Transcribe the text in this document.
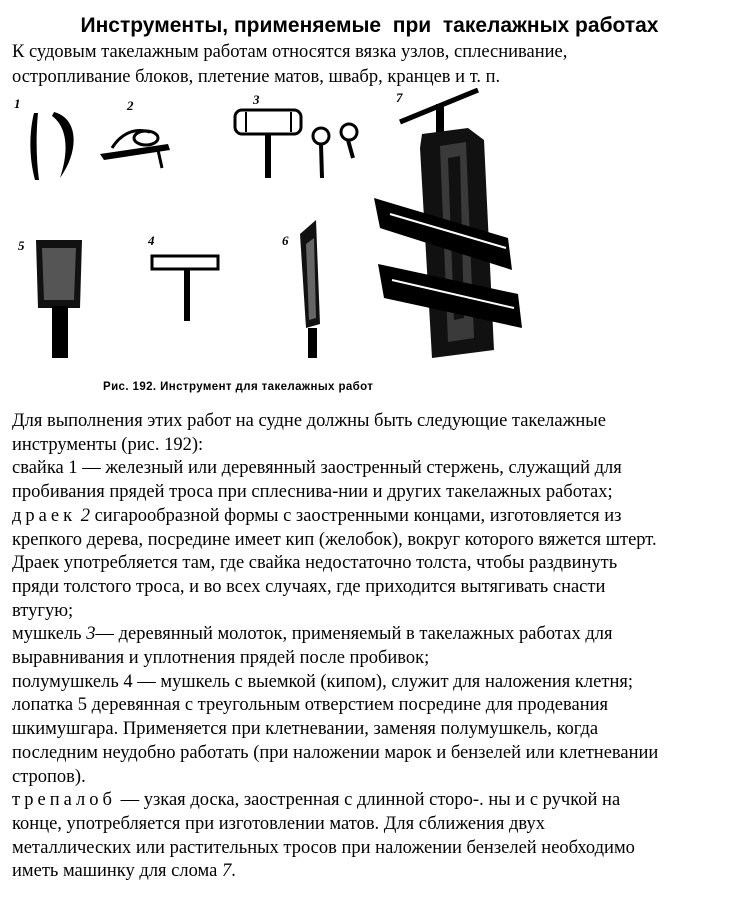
Инструменты, применяемые  при  такелажных работах
К судовым такелажным работам относятся вязка узлов, сплеснивание,
остропливание блоков, плетение матов, швабр, кранцев и т. п.
1	2	3	7
5	4	6
Рис. 192. Инструмент для такелажных работ
Для выполнения этих работ на судне должны быть следующие такелажные
инструменты (рис. 192):
свайка 1 — железный или деревянный заостренный стержень, служащий для
пробивания прядей троса при сплеснива-нии и других такелажных работах;
драек 2 сигарообразной формы с заостренными концами, изготовляется из
крепкого дерева, посредине имеет кип (желобок), вокруг которого вяжется штерт.
Драек употребляется там, где свайка недостаточно толста, чтобы раздвинуть
пряди толстого троса, и во всех случаях, где приходится вытягивать снасти
втугую;
мушкель 3— деревянный молоток, применяемый в такелажных работах для
выравнивания и уплотнения прядей после пробивок;
полумушкель 4 — мушкель с выемкой (кипом), служит для наложения клетня;
лопатка 5 деревянная с треугольным отверстием посредине для продевания
шкимушгара. Применяется при клетневании, заменяя полумушкель, когда
последним неудобно работать (при наложении марок и бензелей или клетневании
стропов).
трепалоб — узкая доска, заостренная с длинной сторо-. ны и с ручкой на
конце, употребляется при изготовлении матов. Для сближения двух
металлических или растительных тросов при наложении бензелей необходимо
иметь машинку для слома 7.
